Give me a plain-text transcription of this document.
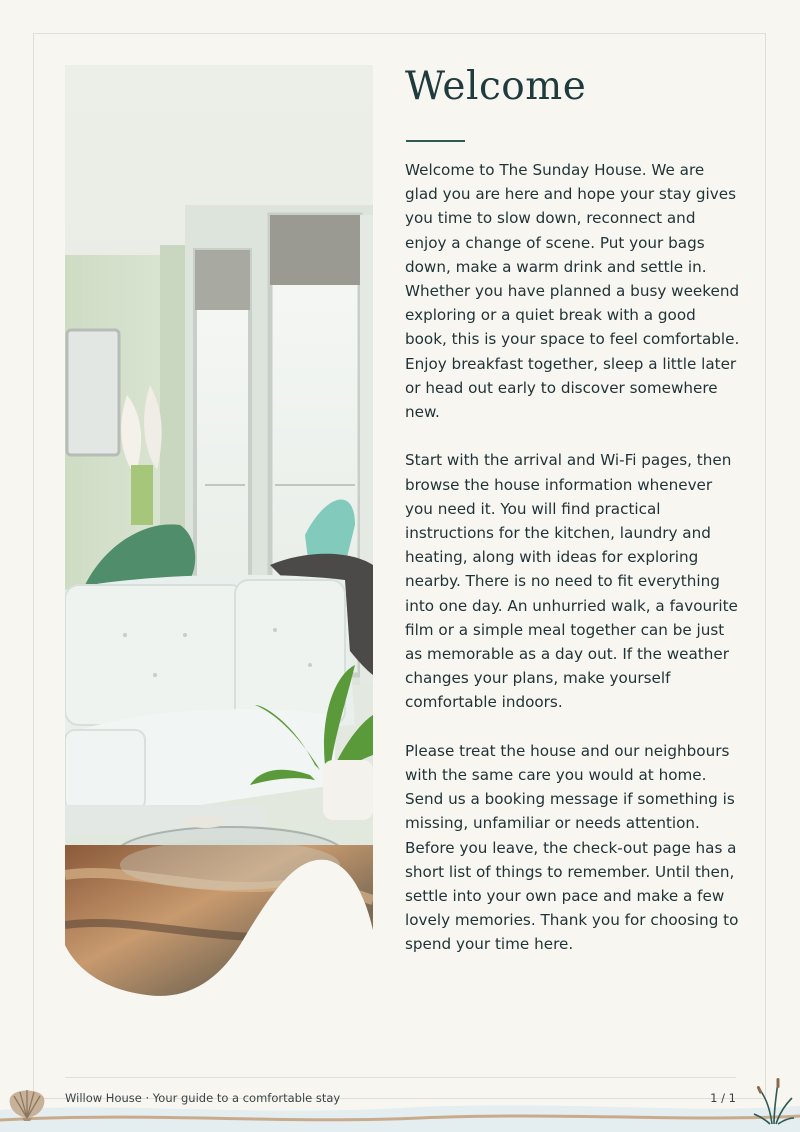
Welcome

Welcome to The Sunday House. We are glad you are here and hope your stay gives you time to slow down, reconnect and enjoy a change of scene. Put your bags down, make a warm drink and settle in. Whether you have planned a busy weekend exploring or a quiet break with a good book, this is your space to feel comfortable. Enjoy breakfast together, sleep a little later or head out early to discover somewhere new.

Start with the arrival and Wi-Fi pages, then browse the house information whenever you need it. You will find practical instructions for the kitchen, laundry and heating, along with ideas for exploring nearby. There is no need to fit everything into one day. An unhurried walk, a favourite film or a simple meal together can be just as memorable as a day out. If the weather changes your plans, make yourself comfortable indoors.

Please treat the house and our neighbours with the same care you would at home. Send us a booking message if something is missing, unfamiliar or needs attention. Before you leave, the check-out page has a short list of things to remember. Until then, settle into your own pace and make a few lovely memories. Thank you for choosing to spend your time here.

Willow House · Your guide to a comfortable stay	1 / 1
